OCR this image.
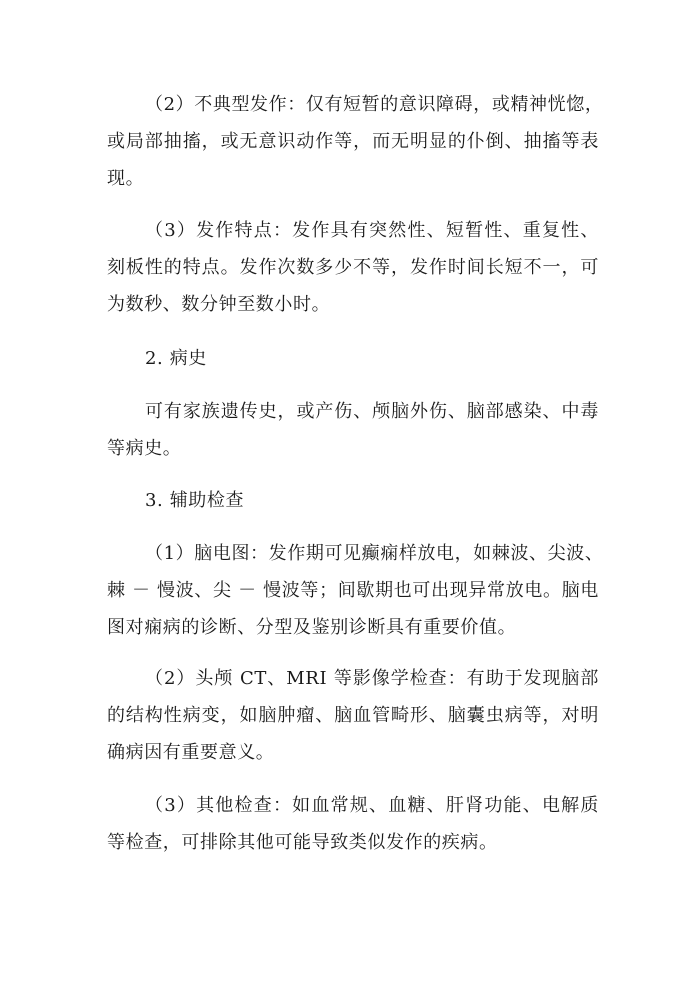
（2）不典型发作：仅有短暂的意识障碍，或精神恍惚，
或局部抽搐，或无意识动作等，而无明显的仆倒、抽搐等表
现。
（3）发作特点：发作具有突然性、短暂性、重复性、
刻板性的特点。发作次数多少不等，发作时间长短不一，可
为数秒、数分钟至数小时。
2. 病史
可有家族遗传史，或产伤、颅脑外伤、脑部感染、中毒
等病史。
3. 辅助检查
（1）脑电图：发作期可见癫痫样放电，如棘波、尖波、
棘 － 慢波、尖 － 慢波等；间歇期也可出现异常放电。脑电
图对痫病的诊断、分型及鉴别诊断具有重要价值。
（2）头颅 CT、MRI 等影像学检查：有助于发现脑部
的结构性病变，如脑肿瘤、脑血管畸形、脑囊虫病等，对明
确病因有重要意义。
（3）其他检查：如血常规、血糖、肝肾功能、电解质
等检查，可排除其他可能导致类似发作的疾病。
